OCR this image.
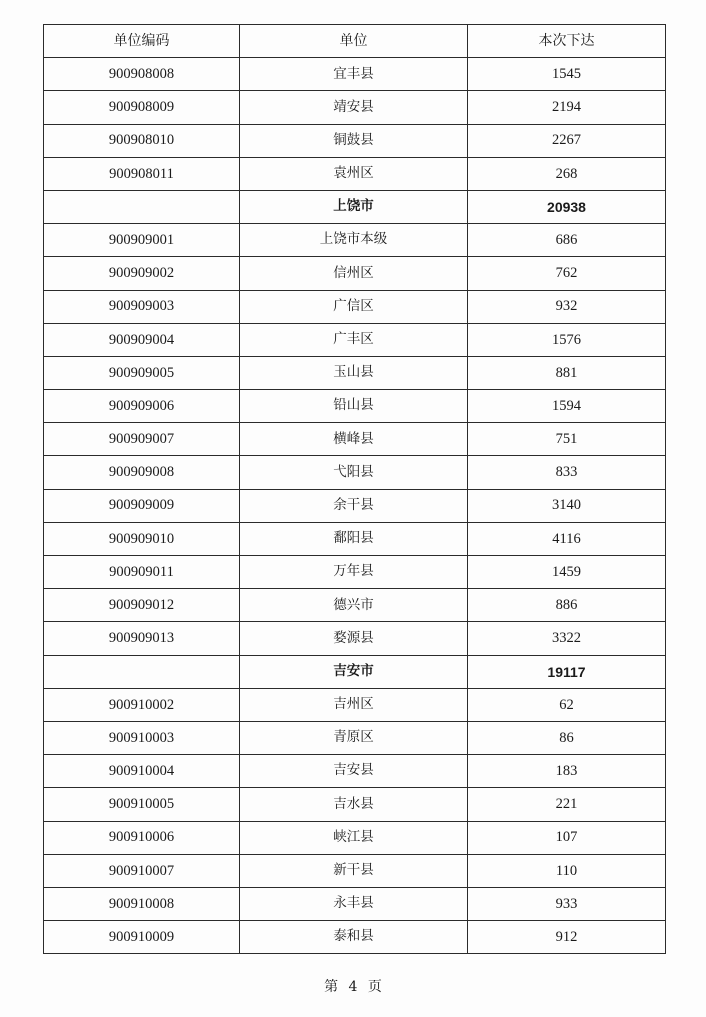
单位编码	单位	本次下达
900908008	宜丰县	1545
900908009	靖安县	2194
900908010	铜鼓县	2267
900908011	袁州区	268
	上饶市	20938
900909001	上饶市本级	686
900909002	信州区	762
900909003	广信区	932
900909004	广丰区	1576
900909005	玉山县	881
900909006	铅山县	1594
900909007	横峰县	751
900909008	弋阳县	833
900909009	余干县	3140
900909010	鄱阳县	4116
900909011	万年县	1459
900909012	德兴市	886
900909013	婺源县	3322
	吉安市	19117
900910002	吉州区	62
900910003	青原区	86
900910004	吉安县	183
900910005	吉水县	221
900910006	峡江县	107
900910007	新干县	110
900910008	永丰县	933
900910009	泰和县	912
第 4 页
